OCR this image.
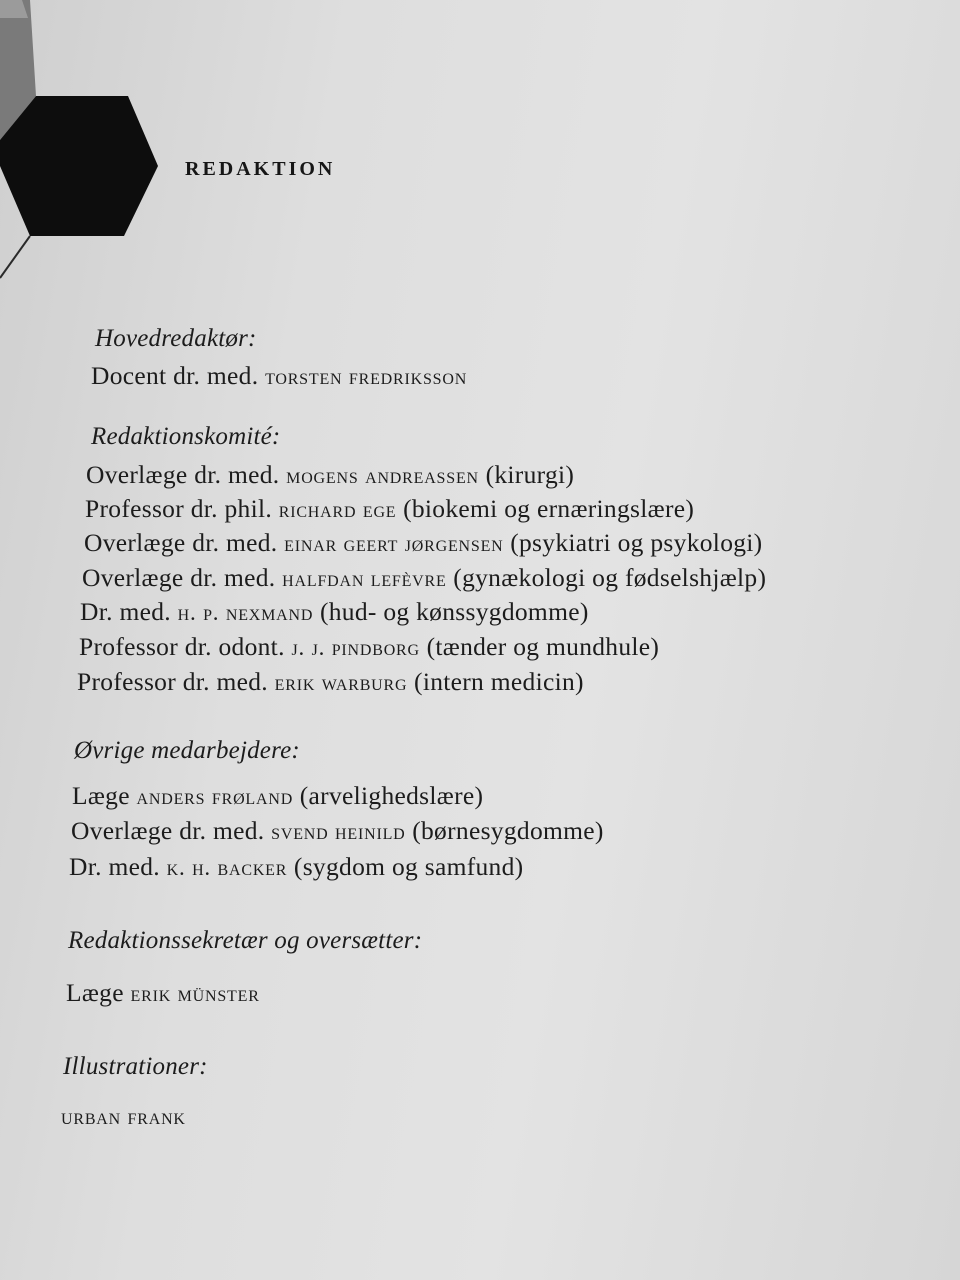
REDAKTION
Hovedredaktør:
Docent dr. med. torsten fredriksson
Redaktionskomité:
Overlæge dr. med. mogens andreassen (kirurgi)
Professor dr. phil. richard ege (biokemi og ernæringslære)
Overlæge dr. med. einar geert jørgensen (psykiatri og psykologi)
Overlæge dr. med. halfdan lefèvre (gynækologi og fødselshjælp)
Dr. med. h. p. nexmand (hud- og kønssygdomme)
Professor dr. odont. j. j. pindborg (tænder og mundhule)
Professor dr. med. erik warburg (intern medicin)
Øvrige medarbejdere:
Læge anders frøland (arvelighedslære)
Overlæge dr. med. svend heinild (børnesygdomme)
Dr. med. k. h. backer (sygdom og samfund)
Redaktionssekretær og oversætter:
Læge erik münster
Illustrationer:
urban frank
